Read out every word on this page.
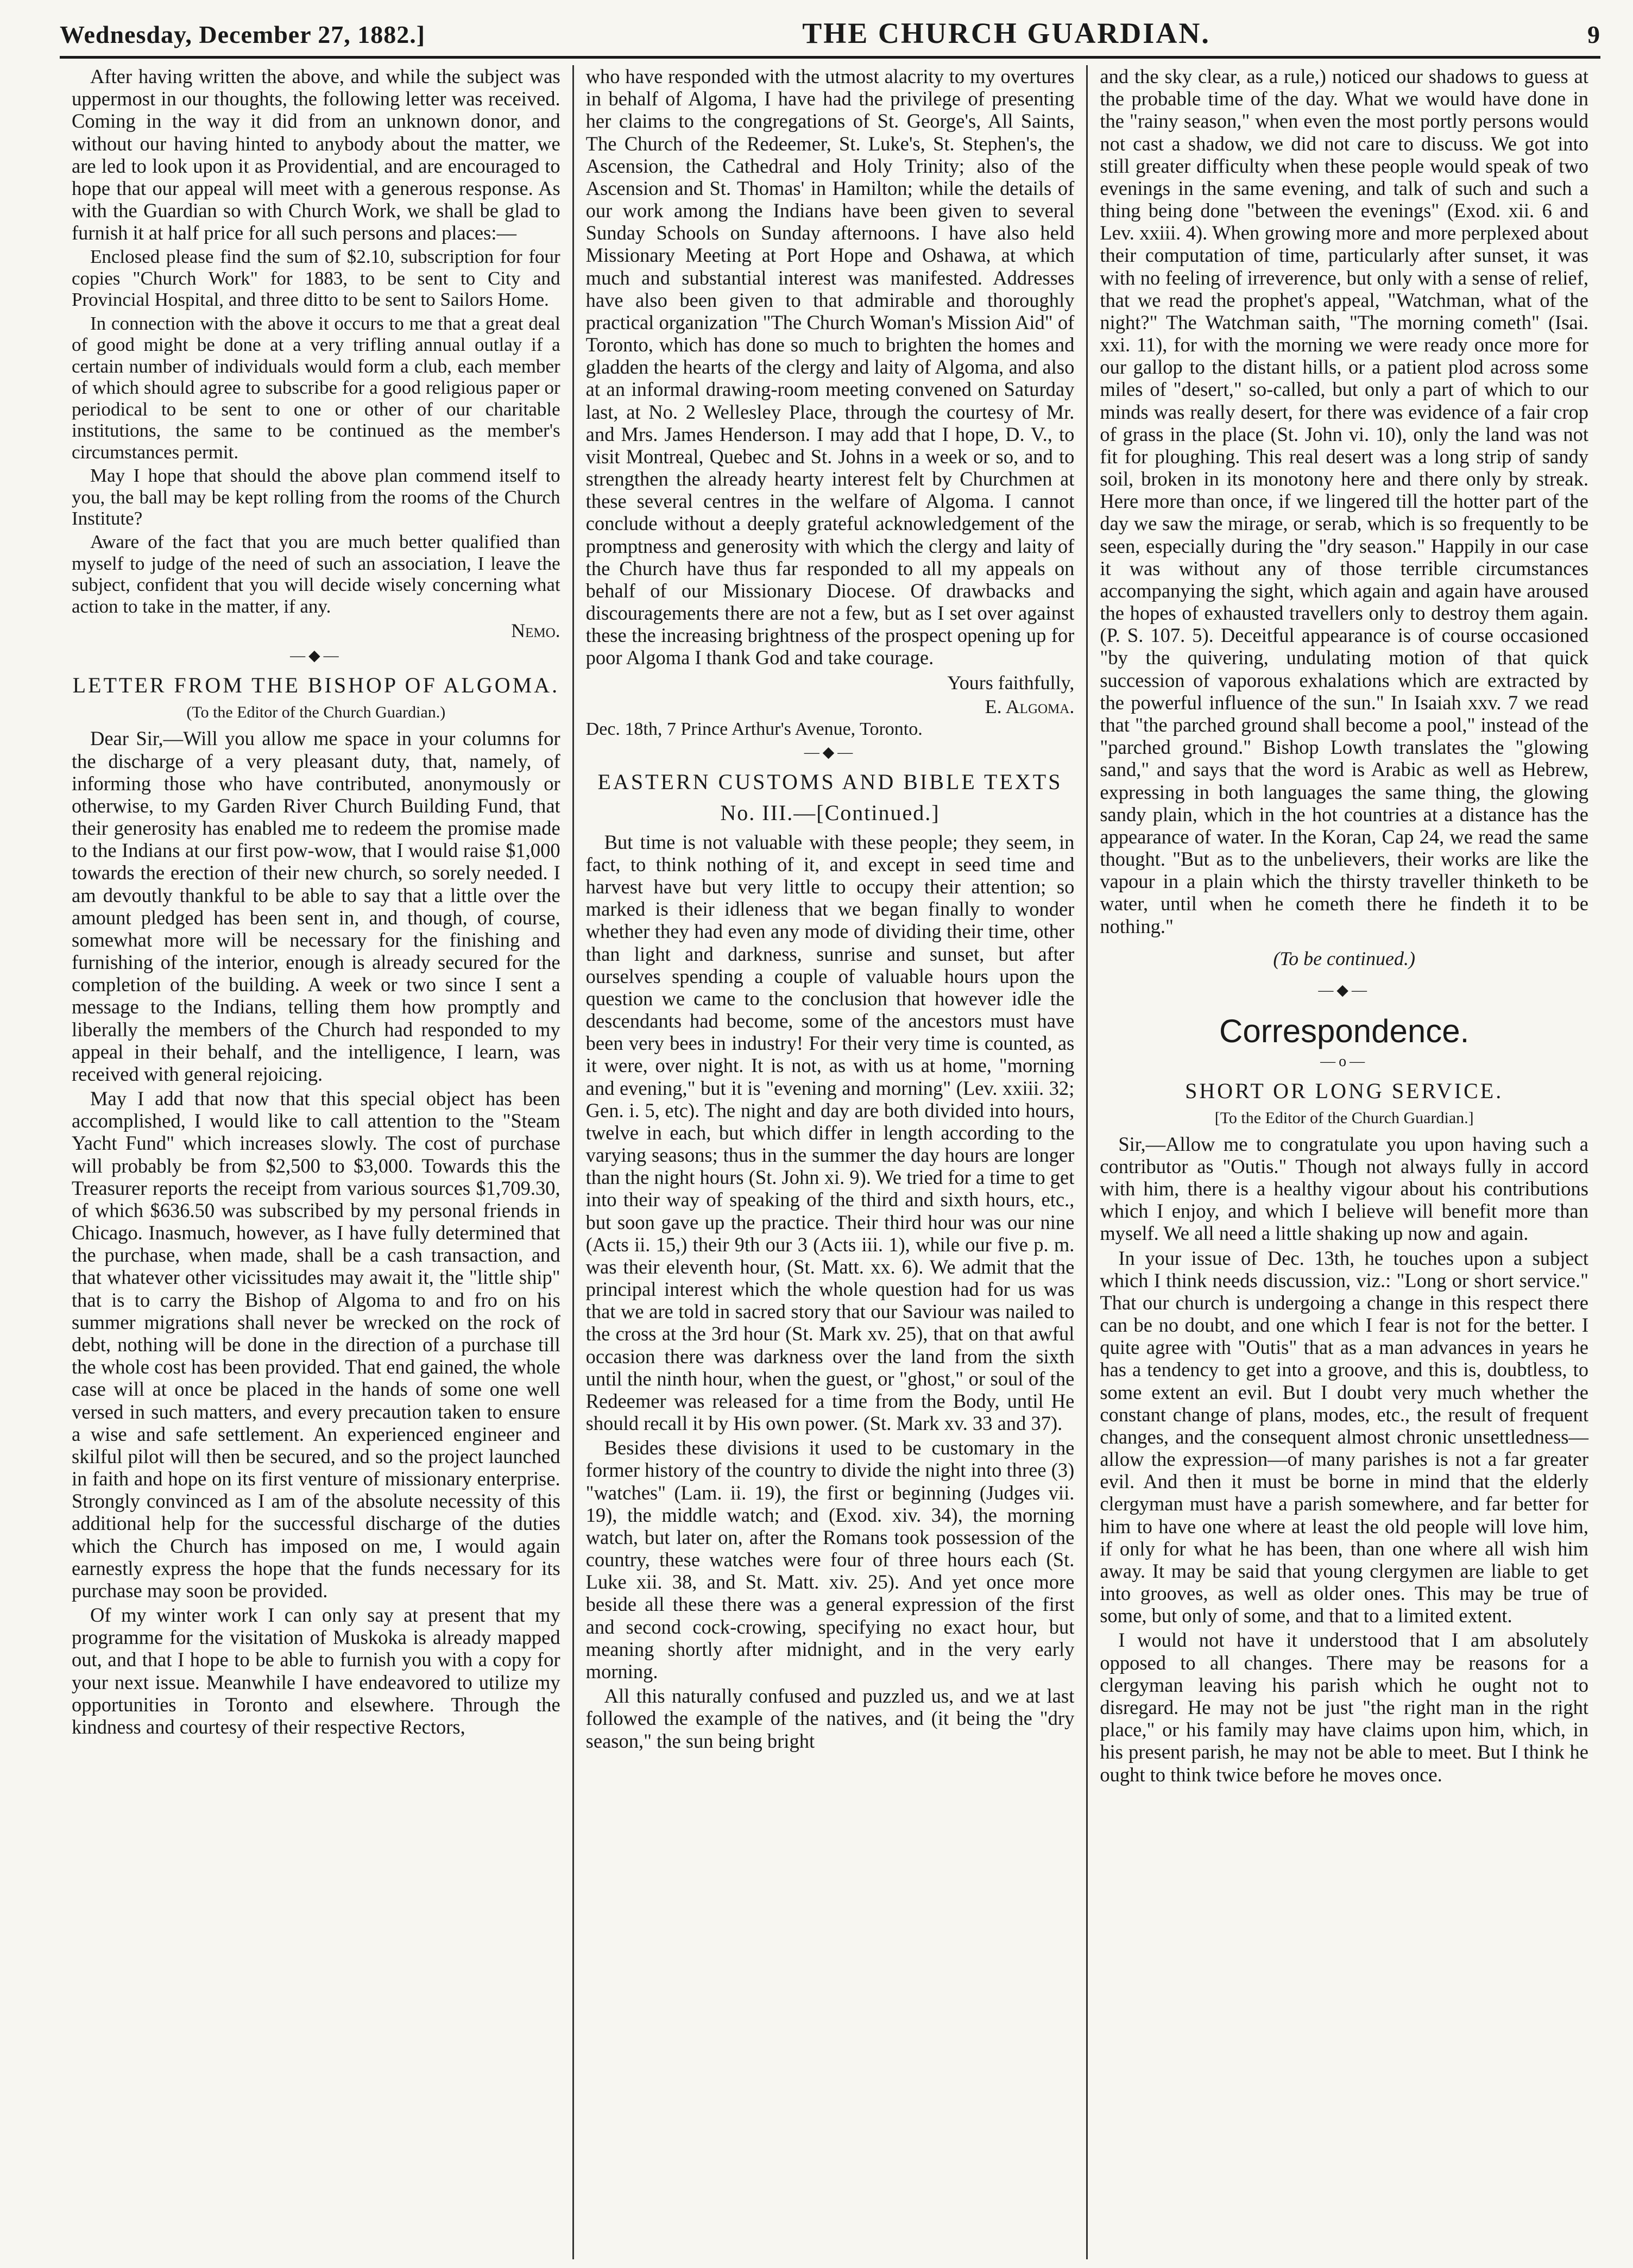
Wednesday, December 27, 1882.]	THE CHURCH GUARDIAN.	9

After having written the above, and while the subject was uppermost in our thoughts, the following letter was received. Coming in the way it did from an unknown donor, and without our having hinted to anybody about the matter, we are led to look upon it as Providential, and are encouraged to hope that our appeal will meet with a generous response. As with the Guardian so with Church Work, we shall be glad to furnish it at half price for all such persons and places:—

Enclosed please find the sum of $2.10, subscription for four copies "Church Work" for 1883, to be sent to City and Provincial Hospital, and three ditto to be sent to Sailors Home.

In connection with the above it occurs to me that a great deal of good might be done at a very trifling annual outlay if a certain number of individuals would form a club, each member of which should agree to subscribe for a good religious paper or periodical to be sent to one or other of our charitable institutions, the same to be continued as the member's circumstances permit.

May I hope that should the above plan commend itself to you, the ball may be kept rolling from the rooms of the Church Institute?

Aware of the fact that you are much better qualified than myself to judge of the need of such an association, I leave the subject, confident that you will decide wisely concerning what action to take in the matter, if any.

Nemo.
—◆—
LETTER FROM THE BISHOP OF ALGOMA.
(To the Editor of the Church Guardian.)

Dear Sir,—Will you allow me space in your columns for the discharge of a very pleasant duty, that, namely, of informing those who have contributed, anonymously or otherwise, to my Garden River Church Building Fund, that their generosity has enabled me to redeem the promise made to the Indians at our first pow-wow, that I would raise $1,000 towards the erection of their new church, so sorely needed. I am devoutly thankful to be able to say that a little over the amount pledged has been sent in, and though, of course, somewhat more will be necessary for the finishing and furnishing of the interior, enough is already secured for the completion of the building. A week or two since I sent a message to the Indians, telling them how promptly and liberally the members of the Church had responded to my appeal in their behalf, and the intelligence, I learn, was received with general rejoicing.

May I add that now that this special object has been accomplished, I would like to call attention to the "Steam Yacht Fund" which increases slowly. The cost of purchase will probably be from $2,500 to $3,000. Towards this the Treasurer reports the receipt from various sources $1,709.30, of which $636.50 was subscribed by my personal friends in Chicago. Inasmuch, however, as I have fully determined that the purchase, when made, shall be a cash transaction, and that whatever other vicissitudes may await it, the "little ship" that is to carry the Bishop of Algoma to and fro on his summer migrations shall never be wrecked on the rock of debt, nothing will be done in the direction of a purchase till the whole cost has been provided. That end gained, the whole case will at once be placed in the hands of some one well versed in such matters, and every precaution taken to ensure a wise and safe settlement. An experienced engineer and skilful pilot will then be secured, and so the project launched in faith and hope on its first venture of missionary enterprise. Strongly convinced as I am of the absolute necessity of this additional help for the successful discharge of the duties which the Church has imposed on me, I would again earnestly express the hope that the funds necessary for its purchase may soon be provided.

Of my winter work I can only say at present that my programme for the visitation of Muskoka is already mapped out, and that I hope to be able to furnish you with a copy for your next issue. Meanwhile I have endeavored to utilize my opportunities in Toronto and elsewhere. Through the kindness and courtesy of their respective Rectors,

who have responded with the utmost alacrity to my overtures in behalf of Algoma, I have had the privilege of presenting her claims to the congregations of St. George's, All Saints, The Church of the Redeemer, St. Luke's, St. Stephen's, the Ascension, the Cathedral and Holy Trinity; also of the Ascension and St. Thomas' in Hamilton; while the details of our work among the Indians have been given to several Sunday Schools on Sunday afternoons. I have also held Missionary Meeting at Port Hope and Oshawa, at which much and substantial interest was manifested. Addresses have also been given to that admirable and thoroughly practical organization "The Church Woman's Mission Aid" of Toronto, which has done so much to brighten the homes and gladden the hearts of the clergy and laity of Algoma, and also at an informal drawing-room meeting convened on Saturday last, at No. 2 Wellesley Place, through the courtesy of Mr. and Mrs. James Henderson. I may add that I hope, D. V., to visit Montreal, Quebec and St. Johns in a week or so, and to strengthen the already hearty interest felt by Churchmen at these several centres in the welfare of Algoma. I cannot conclude without a deeply grateful acknowledgement of the promptness and generosity with which the clergy and laity of the Church have thus far responded to all my appeals on behalf of our Missionary Diocese. Of drawbacks and discouragements there are not a few, but as I set over against these the increasing brightness of the prospect opening up for poor Algoma I thank God and take courage.

Yours faithfully,
E. Algoma.
Dec. 18th, 7 Prince Arthur's Avenue, Toronto.
—◆—
EASTERN CUSTOMS AND BIBLE TEXTS
No. III.—[Continued.]

But time is not valuable with these people; they seem, in fact, to think nothing of it, and except in seed time and harvest have but very little to occupy their attention; so marked is their idleness that we began finally to wonder whether they had even any mode of dividing their time, other than light and darkness, sunrise and sunset, but after ourselves spending a couple of valuable hours upon the question we came to the conclusion that however idle the descendants had become, some of the ancestors must have been very bees in industry! For their very time is counted, as it were, over night. It is not, as with us at home, "morning and evening," but it is "evening and morning" (Lev. xxiii. 32; Gen. i. 5, etc). The night and day are both divided into hours, twelve in each, but which differ in length according to the varying seasons; thus in the summer the day hours are longer than the night hours (St. John xi. 9). We tried for a time to get into their way of speaking of the third and sixth hours, etc., but soon gave up the practice. Their third hour was our nine (Acts ii. 15,) their 9th our 3 (Acts iii. 1), while our five p. m. was their eleventh hour, (St. Matt. xx. 6). We admit that the principal interest which the whole question had for us was that we are told in sacred story that our Saviour was nailed to the cross at the 3rd hour (St. Mark xv. 25), that on that awful occasion there was darkness over the land from the sixth until the ninth hour, when the guest, or "ghost," or soul of the Redeemer was released for a time from the Body, until He should recall it by His own power. (St. Mark xv. 33 and 37).

Besides these divisions it used to be customary in the former history of the country to divide the night into three (3) "watches" (Lam. ii. 19), the first or beginning (Judges vii. 19), the middle watch; and (Exod. xiv. 34), the morning watch, but later on, after the Romans took possession of the country, these watches were four of three hours each (St. Luke xii. 38, and St. Matt. xiv. 25). And yet once more beside all these there was a general expression of the first and second cock-crowing, specifying no exact hour, but meaning shortly after midnight, and in the very early morning.

All this naturally confused and puzzled us, and we at last followed the example of the natives, and (it being the "dry season," the sun being bright

and the sky clear, as a rule,) noticed our shadows to guess at the probable time of the day. What we would have done in the "rainy season," when even the most portly persons would not cast a shadow, we did not care to discuss. We got into still greater difficulty when these people would speak of two evenings in the same evening, and talk of such and such a thing being done "between the evenings" (Exod. xii. 6 and Lev. xxiii. 4). When growing more and more perplexed about their computation of time, particularly after sunset, it was with no feeling of irreverence, but only with a sense of relief, that we read the prophet's appeal, "Watchman, what of the night?" The Watchman saith, "The morning cometh" (Isai. xxi. 11), for with the morning we were ready once more for our gallop to the distant hills, or a patient plod across some miles of "desert," so-called, but only a part of which to our minds was really desert, for there was evidence of a fair crop of grass in the place (St. John vi. 10), only the land was not fit for ploughing. This real desert was a long strip of sandy soil, broken in its monotony here and there only by streak. Here more than once, if we lingered till the hotter part of the day we saw the mirage, or serab, which is so frequently to be seen, especially during the "dry season." Happily in our case it was without any of those terrible circumstances accompanying the sight, which again and again have aroused the hopes of exhausted travellers only to destroy them again. (P. S. 107. 5). Deceitful appearance is of course occasioned "by the quivering, undulating motion of that quick succession of vaporous exhalations which are extracted by the powerful influence of the sun." In Isaiah xxv. 7 we read that "the parched ground shall become a pool," instead of the "parched ground." Bishop Lowth translates the "glowing sand," and says that the word is Arabic as well as Hebrew, expressing in both languages the same thing, the glowing sandy plain, which in the hot countries at a distance has the appearance of water. In the Koran, Cap 24, we read the same thought. "But as to the unbelievers, their works are like the vapour in a plain which the thirsty traveller thinketh to be water, until when he cometh there he findeth it to be nothing."

(To be continued.)
—◆—
Correspondence.
—o—
SHORT OR LONG SERVICE.
[To the Editor of the Church Guardian.]

Sir,—Allow me to congratulate you upon having such a contributor as "Outis." Though not always fully in accord with him, there is a healthy vigour about his contributions which I enjoy, and which I believe will benefit more than myself. We all need a little shaking up now and again.

In your issue of Dec. 13th, he touches upon a subject which I think needs discussion, viz.: "Long or short service." That our church is undergoing a change in this respect there can be no doubt, and one which I fear is not for the better. I quite agree with "Outis" that as a man advances in years he has a tendency to get into a groove, and this is, doubtless, to some extent an evil. But I doubt very much whether the constant change of plans, modes, etc., the result of frequent changes, and the consequent almost chronic unsettledness—allow the expression—of many parishes is not a far greater evil. And then it must be borne in mind that the elderly clergyman must have a parish somewhere, and far better for him to have one where at least the old people will love him, if only for what he has been, than one where all wish him away. It may be said that young clergymen are liable to get into grooves, as well as older ones. This may be true of some, but only of some, and that to a limited extent.

I would not have it understood that I am absolutely opposed to all changes. There may be reasons for a clergyman leaving his parish which he ought not to disregard. He may not be just "the right man in the right place," or his family may have claims upon him, which, in his present parish, he may not be able to meet. But I think he ought to think twice before he moves once.
